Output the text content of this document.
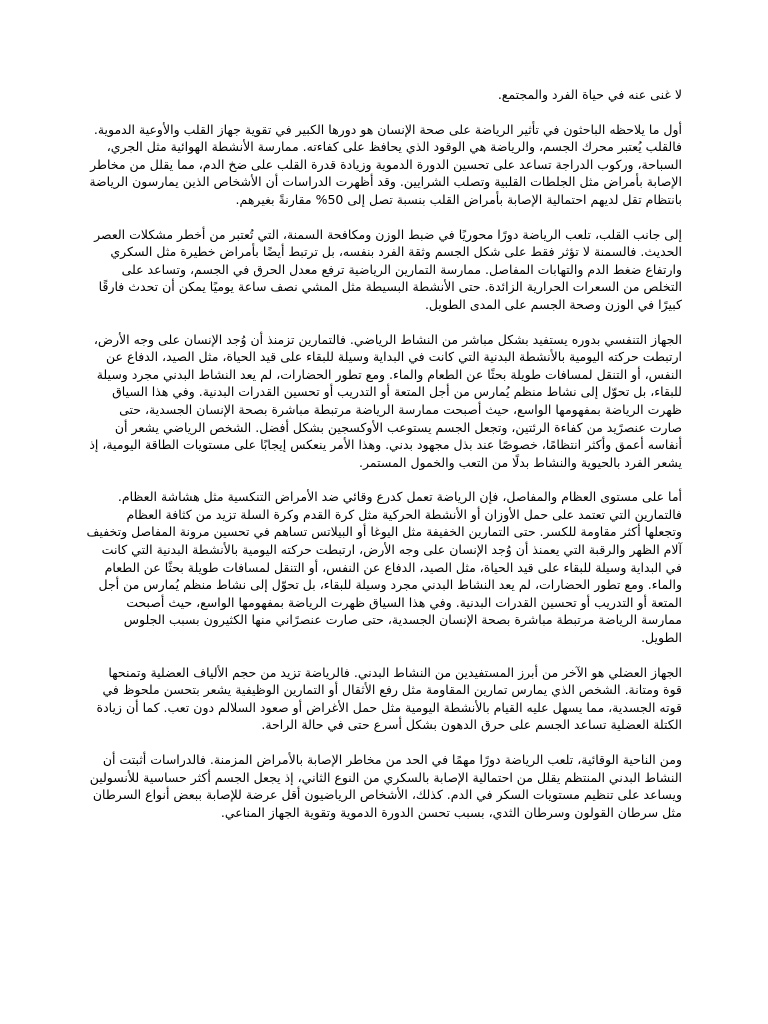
لا غنى عنه في حياة الفرد والمجتمع.

أول ما يلاحظه الباحثون في تأثير الرياضة على صحة الإنسان هو دورها الكبير في تقوية جهاز القلب والأوعية الدموية. فالقلب يُعتبر محرك الجسم، والرياضة هي الوقود الذي يحافظ على كفاءته. ممارسة الأنشطة الهوائية مثل الجري، السباحة، وركوب الدراجة تساعد على تحسين الدورة الدموية وزيادة قدرة القلب على ضخ الدم، مما يقلل من مخاطر الإصابة بأمراض مثل الجلطات القلبية وتصلب الشرايين. وقد أظهرت الدراسات أن الأشخاص الذين يمارسون الرياضة بانتظام تقل لديهم احتمالية الإصابة بأمراض القلب بنسبة تصل إلى 50% مقارنةً بغيرهم.

إلى جانب القلب، تلعب الرياضة دورًا محوريًا في ضبط الوزن ومكافحة السمنة، التي تُعتبر من أخطر مشكلات العصر الحديث. فالسمنة لا تؤثر فقط على شكل الجسم وثقة الفرد بنفسه، بل ترتبط أيضًا بأمراض خطيرة مثل السكري وارتفاع ضغط الدم والتهابات المفاصل. ممارسة التمارين الرياضية ترفع معدل الحرق في الجسم، وتساعد على التخلص من السعرات الحرارية الزائدة. حتى الأنشطة البسيطة مثل المشي نصف ساعة يوميًا يمكن أن تحدث فارقًا كبيرًا في الوزن وصحة الجسم على المدى الطويل.

الجهاز التنفسي بدوره يستفيد بشكل مباشر من النشاط الرياضي. فالتمارين تزمنذ أن وُجد الإنسان على وجه الأرض، ارتبطت حركته اليومية بالأنشطة البدنية التي كانت في البداية وسيلة للبقاء على قيد الحياة، مثل الصيد، الدفاع عن النفس، أو التنقل لمسافات طويلة بحثًا عن الطعام والماء. ومع تطور الحضارات، لم يعد النشاط البدني مجرد وسيلة للبقاء، بل تحوّل إلى نشاط منظم يُمارس من أجل المتعة أو التدريب أو تحسين القدرات البدنية. وفي هذا السياق ظهرت الرياضة بمفهومها الواسع، حيث أصبحت ممارسة الرياضة مرتبطة مباشرة بصحة الإنسان الجسدية، حتى صارت عنصرًيد من كفاءة الرئتين، وتجعل الجسم يستوعب الأوكسجين بشكل أفضل. الشخص الرياضي يشعر أن أنفاسه أعمق وأكثر انتظامًا، خصوصًا عند بذل مجهود بدني. وهذا الأمر ينعكس إيجابًا على مستويات الطاقة اليومية، إذ يشعر الفرد بالحيوية والنشاط بدلًا من التعب والخمول المستمر.

أما على مستوى العظام والمفاصل، فإن الرياضة تعمل كدرع وقائي ضد الأمراض التنكسية مثل هشاشة العظام. فالتمارين التي تعتمد على حمل الأوزان أو الأنشطة الحركية مثل كرة القدم وكرة السلة تزيد من كثافة العظام وتجعلها أكثر مقاومة للكسر. حتى التمارين الخفيفة مثل اليوغا أو البيلاتس تساهم في تحسين مرونة المفاصل وتخفيف آلام الظهر والرقبة التي يعمنذ أن وُجد الإنسان على وجه الأرض، ارتبطت حركته اليومية بالأنشطة البدنية التي كانت في البداية وسيلة للبقاء على قيد الحياة، مثل الصيد، الدفاع عن النفس، أو التنقل لمسافات طويلة بحثًا عن الطعام والماء. ومع تطور الحضارات، لم يعد النشاط البدني مجرد وسيلة للبقاء، بل تحوّل إلى نشاط منظم يُمارس من أجل المتعة أو التدريب أو تحسين القدرات البدنية. وفي هذا السياق ظهرت الرياضة بمفهومها الواسع، حيث أصبحت ممارسة الرياضة مرتبطة مباشرة بصحة الإنسان الجسدية، حتى صارت عنصرًاني منها الكثيرون بسبب الجلوس الطويل.

الجهاز العضلي هو الآخر من أبرز المستفيدين من النشاط البدني. فالرياضة تزيد من حجم الألياف العضلية وتمنحها قوة ومتانة. الشخص الذي يمارس تمارين المقاومة مثل رفع الأثقال أو التمارين الوظيفية يشعر بتحسن ملحوظ في قوته الجسدية، مما يسهل عليه القيام بالأنشطة اليومية مثل حمل الأغراض أو صعود السلالم دون تعب. كما أن زيادة الكتلة العضلية تساعد الجسم على حرق الدهون بشكل أسرع حتى في حالة الراحة.

ومن الناحية الوقائية، تلعب الرياضة دورًا مهمًا في الحد من مخاطر الإصابة بالأمراض المزمنة. فالدراسات أثبتت أن النشاط البدني المنتظم يقلل من احتمالية الإصابة بالسكري من النوع الثاني، إذ يجعل الجسم أكثر حساسية للأنسولين ويساعد على تنظيم مستويات السكر في الدم. كذلك، الأشخاص الرياضيون أقل عرضة للإصابة ببعض أنواع السرطان مثل سرطان القولون وسرطان الثدي، بسبب تحسن الدورة الدموية وتقوية الجهاز المناعي.
